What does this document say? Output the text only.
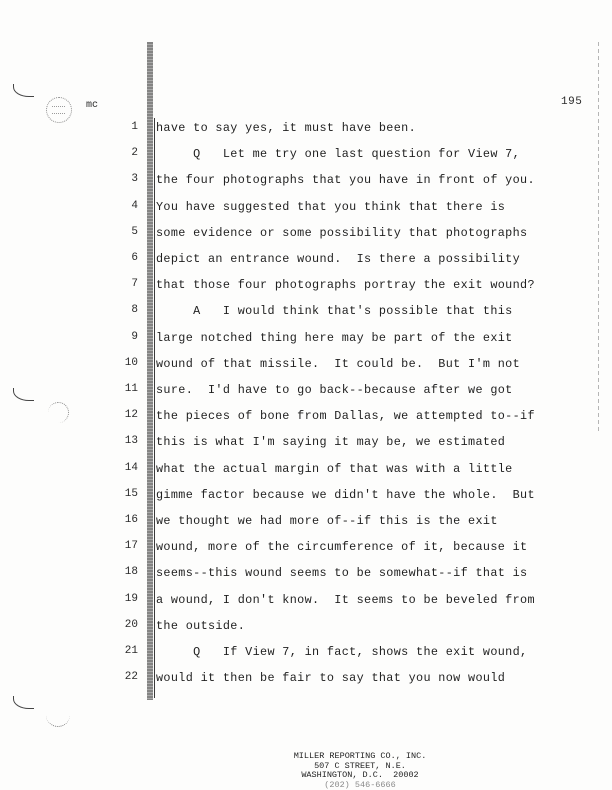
mc	195
1 have to say yes, it must have been.
2 Q   Let me try one last question for View 7,
3 the four photographs that you have in front of you.
4 You have suggested that you think that there is
5 some evidence or some possibility that photographs
6 depict an entrance wound.  Is there a possibility
7 that those four photographs portray the exit wound?
8 A   I would think that's possible that this
9 large notched thing here may be part of the exit
10 wound of that missile.  It could be.  But I'm not
11 sure.  I'd have to go back--because after we got
12 the pieces of bone from Dallas, we attempted to--if
13 this is what I'm saying it may be, we estimated
14 what the actual margin of that was with a little
15 gimme factor because we didn't have the whole.  But
16 we thought we had more of--if this is the exit
17 wound, more of the circumference of it, because it
18 seems--this wound seems to be somewhat--if that is
19 a wound, I don't know.  It seems to be beveled from
20 the outside.
21 Q   If View 7, in fact, shows the exit wound,
22 would it then be fair to say that you now would
MILLER REPORTING CO., INC.
507 C STREET, N.E.
WASHINGTON, D.C.  20002
(202) 546-6666
